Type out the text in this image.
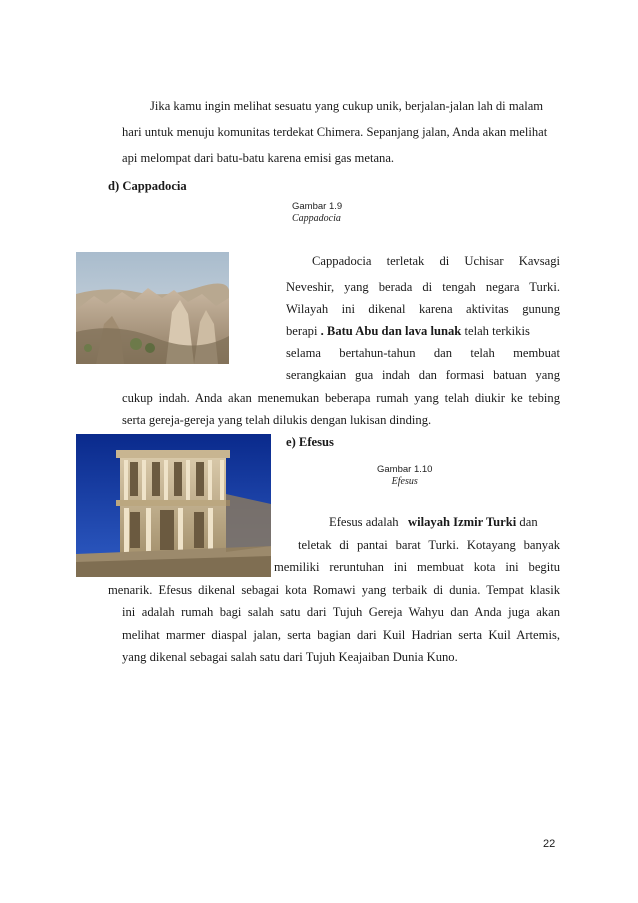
Jika kamu ingin melihat sesuatu yang cukup unik, berjalan-jalan lah di malam
hari untuk menuju komunitas terdekat Chimera. Sepanjang jalan, Anda akan melihat
api melompat dari batu-batu karena emisi gas metana.
d) Cappadocia
Gambar 1.9
Cappadocia
Cappadocia terletak di Uchisar Kavsagi
Neveshir, yang berada di tengah negara Turki.
Wilayah ini dikenal karena aktivitas gunung
berapi . Batu Abu dan lava lunak telah terkikis
selama bertahun-tahun dan telah membuat
serangkaian gua indah dan formasi batuan yang
cukup indah. Anda akan menemukan beberapa rumah yang telah diukir ke tebing
serta gereja-gereja yang telah dilukis dengan lukisan dinding.
e) Efesus
Gambar 1.10
Efesus
Efesus adalah   wilayah Izmir Turki dan
teletak di pantai barat Turki. Kotayang banyak
memiliki reruntuhan ini membuat kota ini begitu
menarik. Efesus dikenal sebagai kota Romawi yang terbaik di dunia. Tempat klasik
ini adalah rumah bagi salah satu dari Tujuh Gereja Wahyu dan Anda juga akan
melihat marmer diaspal jalan, serta bagian dari Kuil Hadrian serta Kuil Artemis,
yang dikenal sebagai salah satu dari Tujuh Keajaiban Dunia Kuno.
22
